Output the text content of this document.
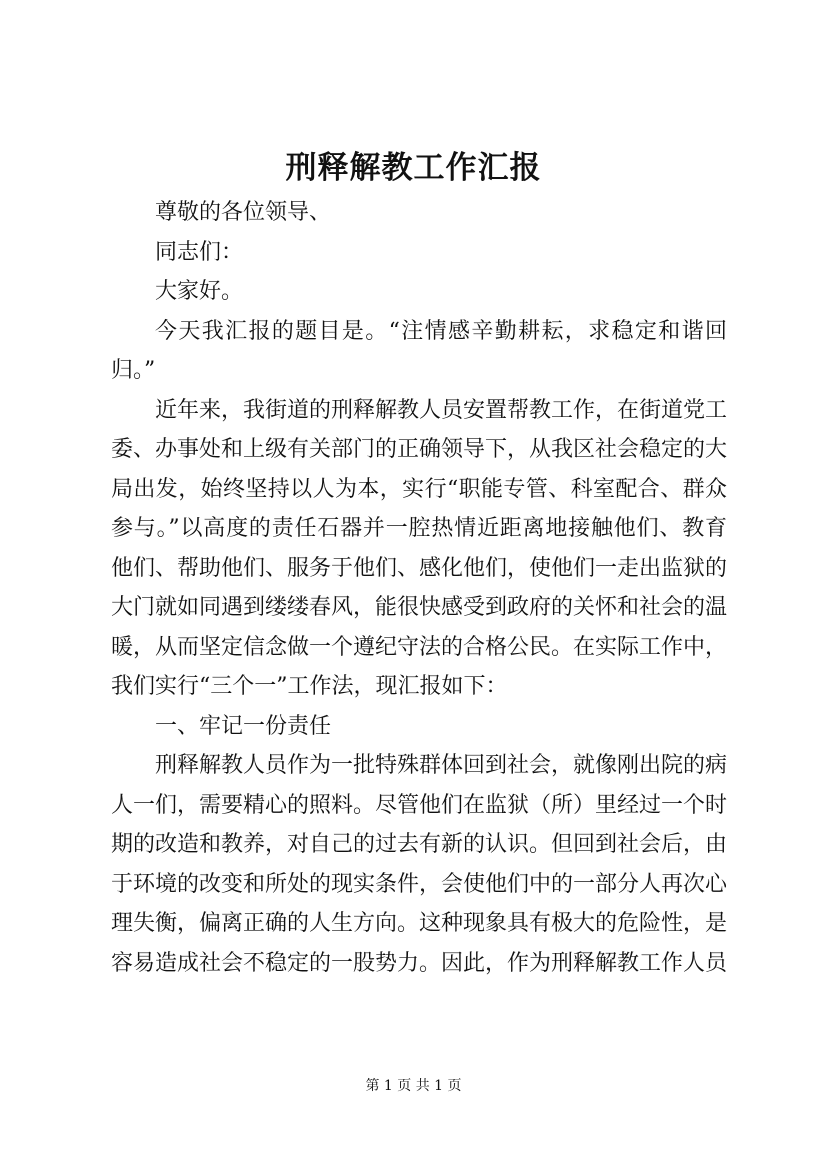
刑释解教工作汇报

尊敬的各位领导、

同志们：

大家好。

今天我汇报的题目是。“注情感辛勤耕耘，求稳定和谐回归。”

近年来，我街道的刑释解教人员安置帮教工作，在街道党工委、办事处和上级有关部门的正确领导下，从我区社会稳定的大局出发，始终坚持以人为本，实行“职能专管、科室配合、群众参与。”以高度的责任石器并一腔热情近距离地接触他们、教育他们、帮助他们、服务于他们、感化他们，使他们一走出监狱的大门就如同遇到缕缕春风，能很快感受到政府的关怀和社会的温暖，从而坚定信念做一个遵纪守法的合格公民。在实际工作中，我们实行“三个一”工作法，现汇报如下：

一、牢记一份责任

刑释解教人员作为一批特殊群体回到社会，就像刚出院的病人一们，需要精心的照料。尽管他们在监狱（所）里经过一个时期的改造和教养，对自己的过去有新的认识。但回到社会后，由于环境的改变和所处的现实条件，会使他们中的一部分人再次心理失衡，偏离正确的人生方向。这种现象具有极大的危险性，是容易造成社会不稳定的一股势力。因此，作为刑释解教工作人员

第 1 页 共 1 页
